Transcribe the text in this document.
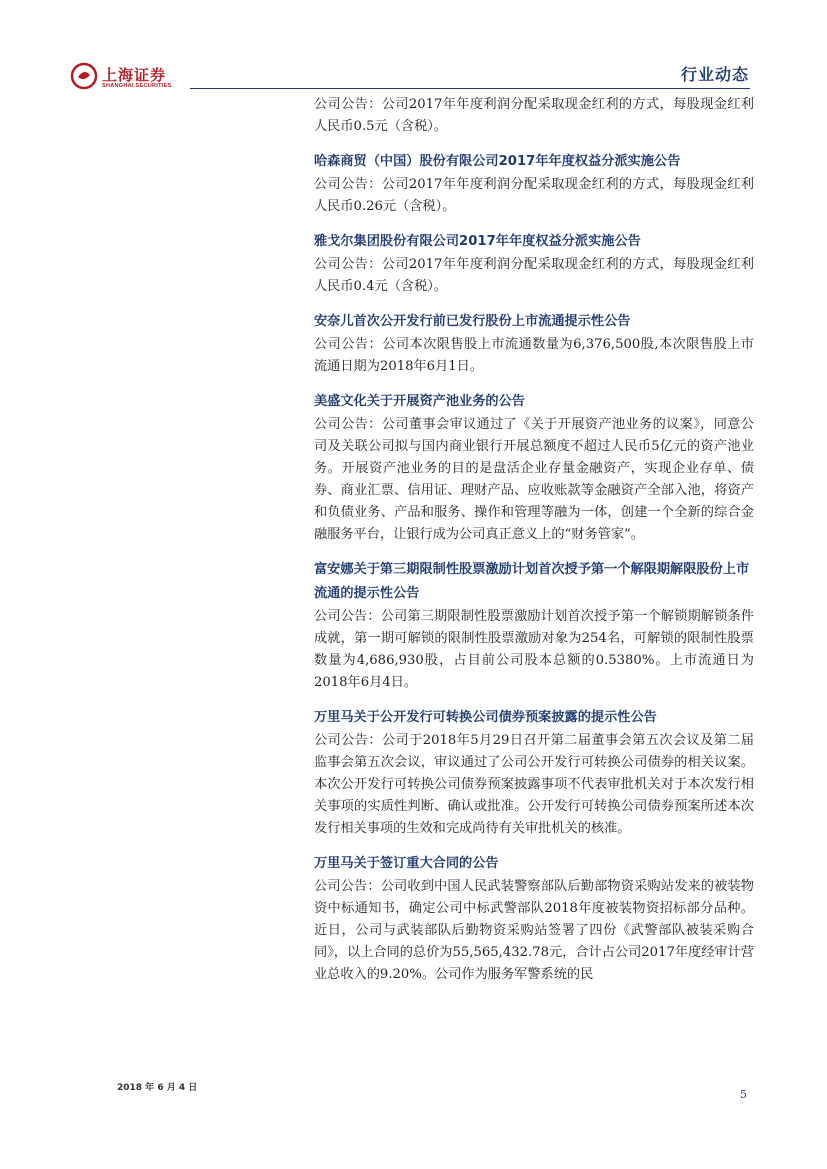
上海证券
SHANGHAI SECURITIES
行业动态
公司公告：公司2017年年度利润分配采取现金红利的方式，每股现金红利人民币0.5元（含税）。
哈森商贸（中国）股份有限公司2017年年度权益分派实施公告
公司公告：公司2017年年度利润分配采取现金红利的方式，每股现金红利人民币0.26元（含税）。
雅戈尔集团股份有限公司2017年年度权益分派实施公告
公司公告：公司2017年年度利润分配采取现金红利的方式，每股现金红利人民币0.4元（含税）。
安奈儿首次公开发行前已发行股份上市流通提示性公告
公司公告：公司本次限售股上市流通数量为6,376,500股,本次限售股上市流通日期为2018年6月1日。
美盛文化关于开展资产池业务的公告
公司公告：公司董事会审议通过了《关于开展资产池业务的议案》，同意公司及关联公司拟与国内商业银行开展总额度不超过人民币5亿元的资产池业务。开展资产池业务的目的是盘活企业存量金融资产，实现企业存单、债券、商业汇票、信用证、理财产品、应收账款等金融资产全部入池，将资产和负债业务、产品和服务、操作和管理等融为一体，创建一个全新的综合金融服务平台，让银行成为公司真正意义上的“财务管家”。
富安娜关于第三期限制性股票激励计划首次授予第一个解限期解限股份上市流通的提示性公告
公司公告：公司第三期限制性股票激励计划首次授予第一个解锁期解锁条件成就，第一期可解锁的限制性股票激励对象为254名，可解锁的限制性股票数量为4,686,930股，占目前公司股本总额的0.5380%。上市流通日为2018年6月4日。
万里马关于公开发行可转换公司债券预案披露的提示性公告
公司公告：公司于2018年5月29日召开第二届董事会第五次会议及第二届监事会第五次会议，审议通过了公司公开发行可转换公司债券的相关议案。本次公开发行可转换公司债券预案披露事项不代表审批机关对于本次发行相关事项的实质性判断、确认或批准。公开发行可转换公司债券预案所述本次发行相关事项的生效和完成尚待有关审批机关的核准。
万里马关于签订重大合同的公告
公司公告：公司收到中国人民武装警察部队后勤部物资采购站发来的被装物资中标通知书，确定公司中标武警部队2018年度被装物资招标部分品种。近日，公司与武装部队后勤物资采购站签署了四份《武警部队被装采购合同》，以上合同的总价为55,565,432.78元，合计占公司2017年度经审计营业总收入的9.20%。公司作为服务军警系统的民
2018 年 6 月 4 日	5
